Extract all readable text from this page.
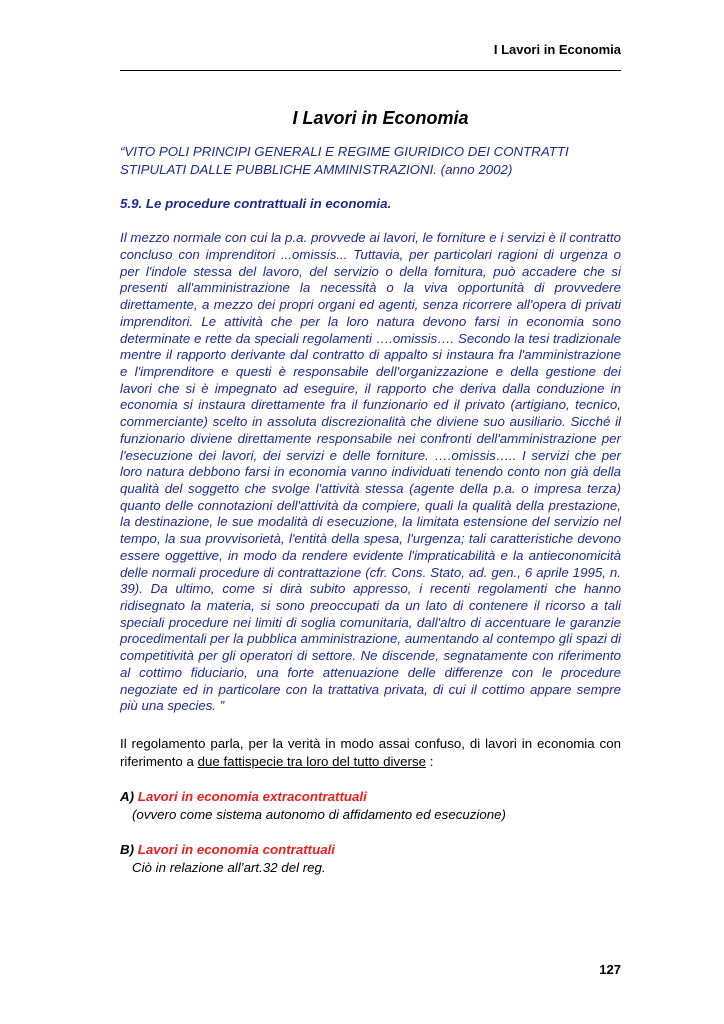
I Lavori in Economia
I Lavori in Economia

“VITO POLI PRINCIPI GENERALI E REGIME GIURIDICO DEI CONTRATTI STIPULATI DALLE PUBBLICHE AMMINISTRAZIONI. (anno 2002)

5.9. Le procedure contrattuali in economia.

Il mezzo normale con cui la p.a. provvede ai lavori, le forniture e i servizi è il contratto concluso con imprenditori ...omissis... Tuttavia, per particolari ragioni di urgenza o per l'indole stessa del lavoro, del servizio o della fornitura, può accadere che si presenti all'amministrazione la necessità o la viva opportunità di provvedere direttamente, a mezzo dei propri organi ed agenti, senza ricorrere all'opera di privati imprenditori. Le attività che per la loro natura devono farsi in economia sono determinate e rette da speciali regolamenti ….omissis…. Secondo la tesi tradizionale mentre il rapporto derivante dal contratto di appalto si instaura fra l'amministrazione e l'imprenditore e questi è responsabile dell'organizzazione e della gestione dei lavori che si è impegnato ad eseguire, il rapporto che deriva dalla conduzione in economia si instaura direttamente fra il funzionario ed il privato (artigiano, tecnico, commerciante) scelto in assoluta discrezionalità che diviene suo ausiliario. Sicché il funzionario diviene direttamente responsabile nei confronti dell'amministrazione per l'esecuzione dei lavori, dei servizi e delle forniture. ….omissis….. I servizi che per loro natura debbono farsi in economia vanno individuati tenendo conto non già della qualità del soggetto che svolge l'attività stessa (agente della p.a. o impresa terza) quanto delle connotazioni dell'attività da compiere, quali la qualità della prestazione, la destinazione, le sue modalità di esecuzione, la limitata estensione del servizio nel tempo, la sua provvisorietà, l'entità della spesa, l'urgenza; tali caratteristiche devono essere oggettive, in modo da rendere evidente l'impraticabilità e la antieconomicità delle normali procedure di contrattazione (cfr. Cons. Stato, ad. gen., 6 aprile 1995, n. 39). Da ultimo, come si dirà subito appresso, i recenti regolamenti che hanno ridisegnato la materia, si sono preoccupati da un lato di contenere il ricorso a tali speciali procedure nei limiti di soglia comunitaria, dall'altro di accentuare le garanzie procedimentali per la pubblica amministrazione, aumentando al contempo gli spazi di competitività per gli operatori di settore. Ne discende, segnatamente con riferimento al cottimo fiduciario, una forte attenuazione delle differenze con le procedure negoziate ed in particolare con la trattativa privata, di cui il cottimo appare sempre più una species. ”

Il regolamento parla, per la verità in modo assai confuso, di lavori in economia con riferimento a due fattispecie tra loro del tutto diverse :

A) Lavori in economia extracontrattuali
(ovvero come sistema autonomo di affidamento ed esecuzione)
B) Lavori in economia contrattuali
Ciò in relazione all’art.32 del reg.
127
